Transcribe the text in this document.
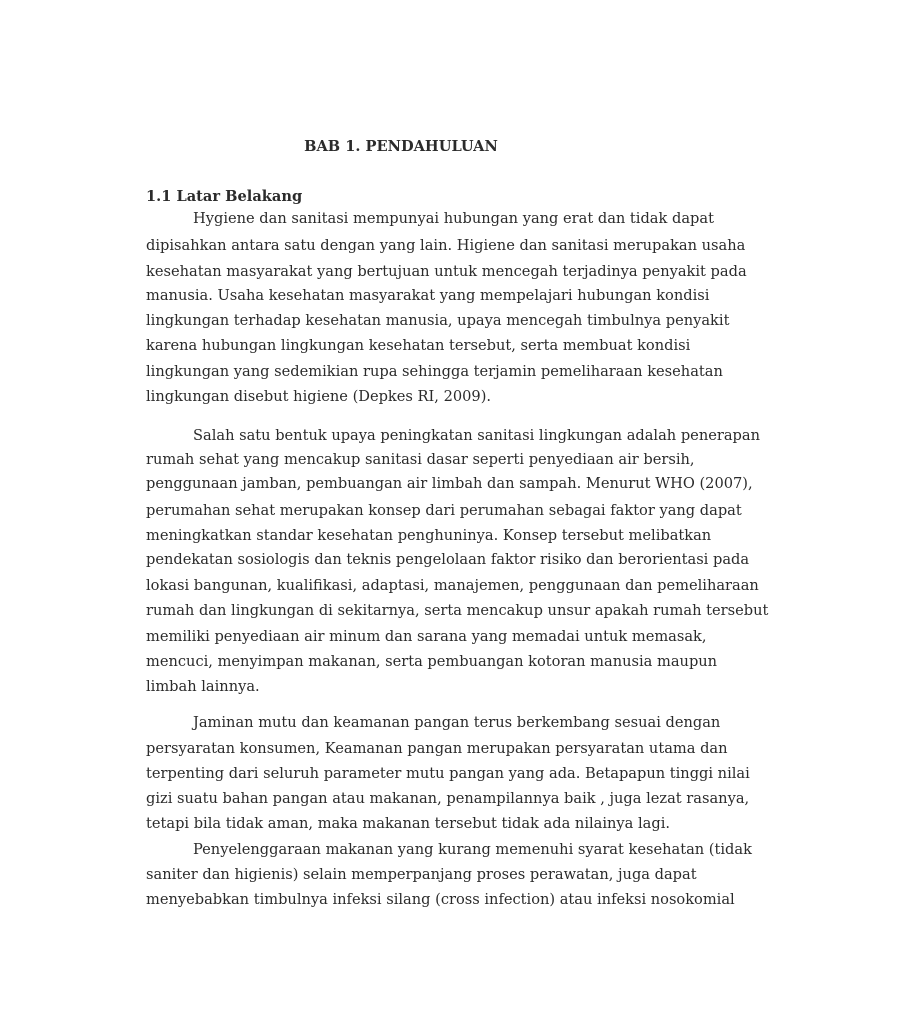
BAB 1. PENDAHULUAN
1.1 Latar Belakang

Hygiene dan sanitasi mempunyai hubungan yang erat dan tidak dapat

dipisahkan antara satu dengan yang lain. Higiene dan sanitasi merupakan usaha

kesehatan masyarakat yang bertujuan untuk mencegah terjadinya penyakit pada

manusia. Usaha kesehatan masyarakat yang mempelajari hubungan kondisi

lingkungan terhadap kesehatan manusia, upaya mencegah timbulnya penyakit

karena hubungan lingkungan kesehatan tersebut, serta membuat kondisi

lingkungan yang sedemikian rupa sehingga terjamin pemeliharaan kesehatan

lingkungan disebut higiene (Depkes RI, 2009).

Salah satu bentuk upaya peningkatan sanitasi lingkungan adalah penerapan

rumah sehat yang mencakup sanitasi dasar seperti penyediaan air bersih,

penggunaan jamban, pembuangan air limbah dan sampah. Menurut WHO (2007),

perumahan sehat merupakan konsep dari perumahan sebagai faktor yang dapat

meningkatkan standar kesehatan penghuninya. Konsep tersebut melibatkan

pendekatan sosiologis dan teknis pengelolaan faktor risiko dan berorientasi pada

lokasi bangunan, kualifikasi, adaptasi, manajemen, penggunaan dan pemeliharaan

rumah dan lingkungan di sekitarnya, serta mencakup unsur apakah rumah tersebut

memiliki penyediaan air minum dan sarana yang memadai untuk memasak,

mencuci, menyimpan makanan, serta pembuangan kotoran manusia maupun

limbah lainnya.

Jaminan mutu dan keamanan pangan terus berkembang sesuai dengan

persyaratan konsumen, Keamanan pangan merupakan persyaratan utama dan

terpenting dari seluruh parameter mutu pangan yang ada. Betapapun tinggi nilai

gizi suatu bahan pangan atau makanan, penampilannya baik , juga lezat rasanya,

tetapi bila tidak aman, maka makanan tersebut tidak ada nilainya lagi.

Penyelenggaraan makanan yang kurang memenuhi syarat kesehatan (tidak

saniter dan higienis) selain memperpanjang proses perawatan, juga dapat

menyebabkan timbulnya infeksi silang (cross infection) atau infeksi nosokomial
